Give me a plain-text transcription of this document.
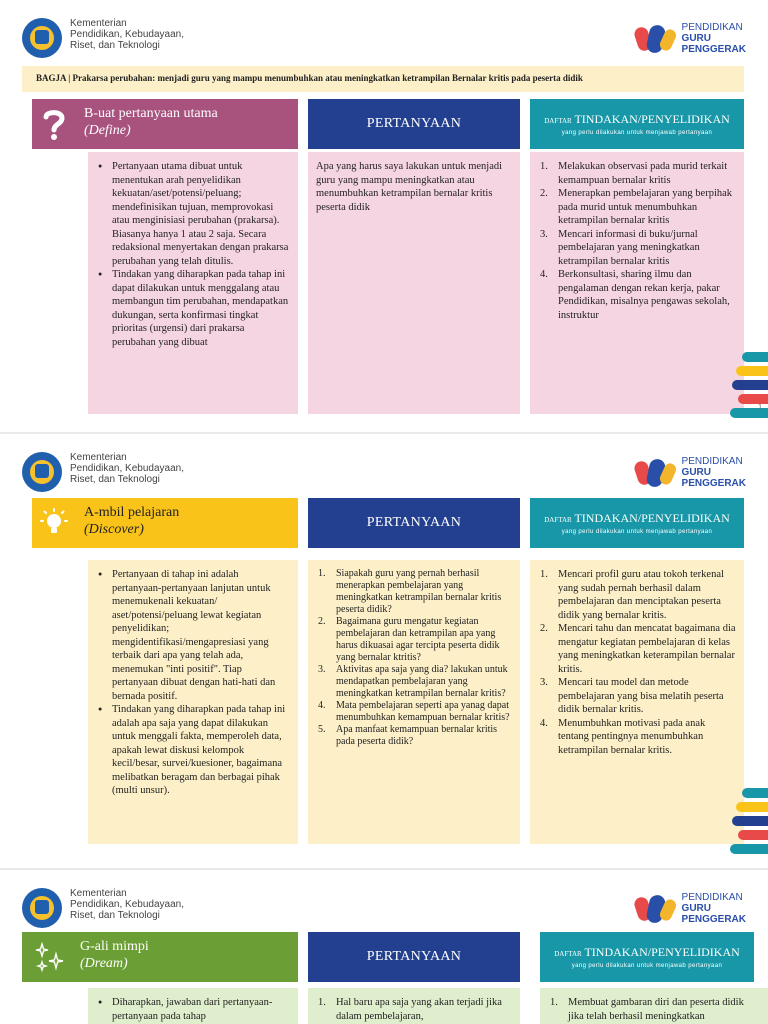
Kementerian
Pendidikan, Kebudayaan,
Riset, dan Teknologi
PENDIDIKAN
GURU
PENGGERAK
BAGJA | Prakarsa perubahan: menjadi guru yang mampu menumbuhkan atau meningkatkan ketrampilan Bernalar kritis pada peserta didik
B-uat pertanyaan utama
(Define)
● Pertanyaan utama dibuat untuk menentukan arah penyelidikan kekuatan/aset/potensi/peluang; mendefinisikan tujuan, memprovokasi atau menginisiasi perubahan (prakarsa). Biasanya hanya 1 atau 2 saja. Secara redaksional menyertakan dengan prakarsa perubahan yang telah ditulis.
● Tindakan yang diharapkan pada tahap ini dapat dilakukan untuk menggalang atau membangun tim perubahan, mendapatkan dukungan, serta konfirmasi tingkat prioritas (urgensi) dari prakarsa perubahan yang dibuat
PERTANYAAN
Apa yang harus saya lakukan untuk menjadi guru yang mampu meningkatkan atau menumbuhkan ketrampilan bernalar kritis peserta didik
DAFTAR TINDAKAN/PENYELIDIKAN
yang perlu dilakukan untuk menjawab pertanyaan
1. Melakukan observasi pada murid terkait kemampuan bernalar kritis
2. Menerapkan pembelajaran yang berpihak pada murid untuk menumbuhkan ketrampilan bernalar kritis
3. Mencari informasi di buku/jurnal pembelajaran yang meningkatkan ketrampilan bernalar kritis
4. Berkonsultasi, sharing ilmu dan pengalaman dengan rekan kerja, pakar Pendidikan, misalnya pengawas sekolah, instruktur
1
Kementerian
Pendidikan, Kebudayaan,
Riset, dan Teknologi
PENDIDIKAN
GURU
PENGGERAK
A-mbil pelajaran
(Discover)
● Pertanyaan di tahap ini adalah pertanyaan-pertanyaan lanjutan untuk menemukenali kekuatan/ aset/potensi/peluang lewat kegiatan penyelidikan; mengidentifikasi/mengapresiasi yang terbaik dari apa yang telah ada, menemukan "inti positif". Tiap pertanyaan dibuat dengan hati-hati dan bernada positif.
● Tindakan yang diharapkan pada tahap ini adalah apa saja yang dapat dilakukan untuk menggali fakta, memperoleh data, apakah lewat diskusi kelompok kecil/besar, survei/kuesioner, bagaimana melibatkan beragam dan berbagai pihak (multi unsur).
PERTANYAAN
1. Siapakah guru yang pernah berhasil menerapkan pembelajaran yang meningkatkan ketrampilan bernalar kritis peserta didik?
2. Bagaimana guru mengatur kegiatan pembelajaran dan ketrampilan apa yang harus dikuasai agar tercipta peserta didik yang bernalar ktritis?
3. Aktivitas apa saja yang dia? lakukan untuk mendapatkan pembelajaran yang meningkatkan ketrampilan bernalar kritis?
4. Mata pembelajaran seperti apa yanag dapat menumbuhkan kemampuan bernalar kritis?
5. Apa manfaat kemampuan bernalar kritis pada peserta didik?
DAFTAR TINDAKAN/PENYELIDIKAN
yang perlu dilakukan untuk menjawab pertanyaan
1. Mencari profil guru atau tokoh terkenal yang sudah pernah berhasil dalam pembelajaran dan menciptakan peserta didik yang bernalar kritis.
2. Mencari tahu dan mencatat bagaimana dia mengatur kegiatan pembelajaran di kelas yang meningkatkan keterampilan bernalar kritis.
3. Mencari tau model dan metode pembelajaran yang bisa melatih peserta didik bernalar kritis.
4. Menumbuhkan motivasi pada anak tentang pentingnya menumbuhkan ketrampilan bernalar kritis.
Kementerian
Pendidikan, Kebudayaan,
Riset, dan Teknologi
PENDIDIKAN
GURU
PENGGERAK
G-ali mimpi
(Dream)
● Diharapkan, jawaban dari pertanyaan-pertanyaan pada tahap
PERTANYAAN
1. Hal baru apa saja yang akan terjadi jika dalam pembelajaran,
DAFTAR TINDAKAN/PENYELIDIKAN
yang perlu dilakukan untuk menjawab pertanyaan
1. Membuat gambaran diri dan peserta didik jika telah berhasil meningkatkan
